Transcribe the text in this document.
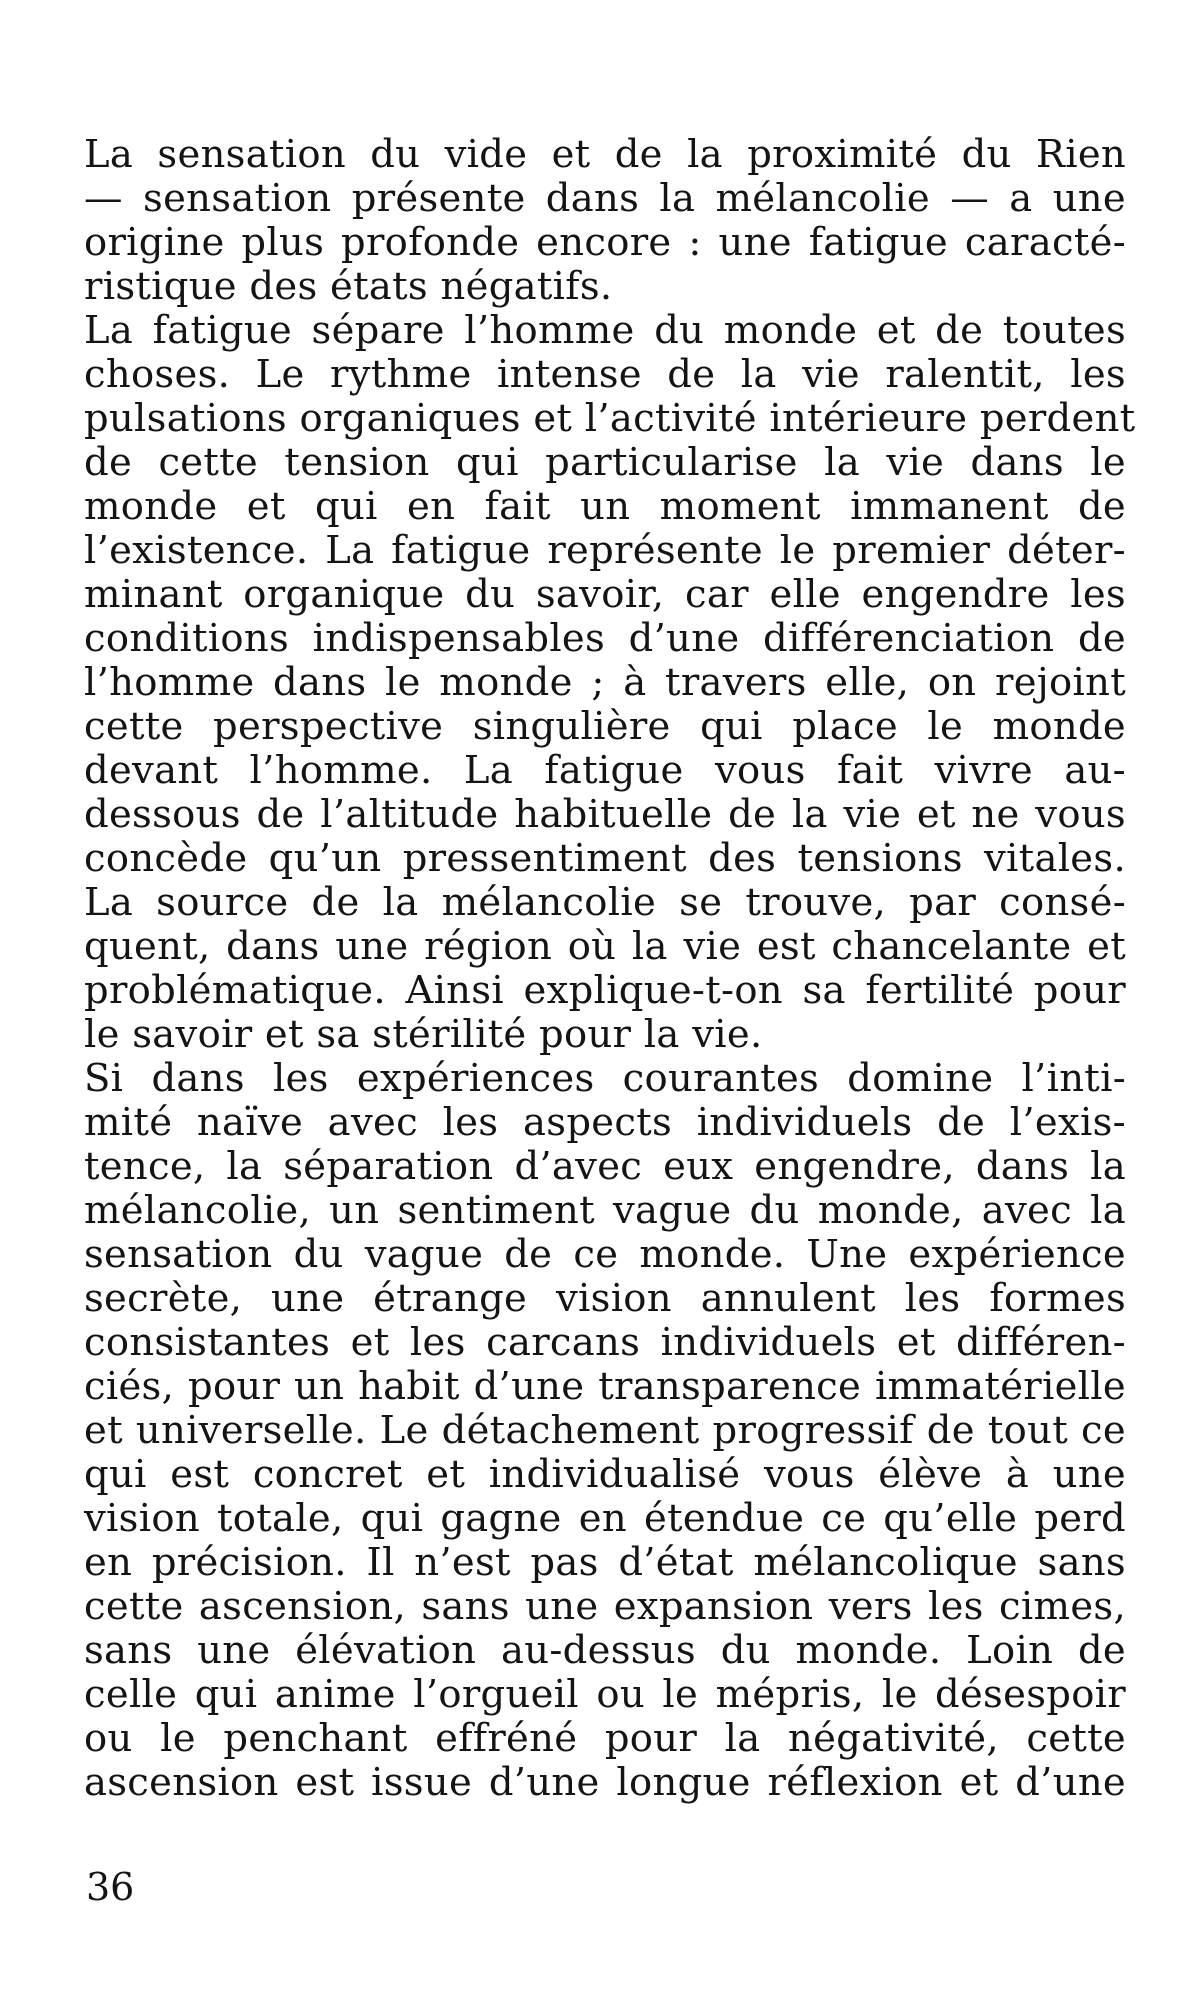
La sensation du vide et de la proximité du Rien
— sensation présente dans la mélancolie — a une
origine plus profonde encore : une fatigue caracté-
ristique des états négatifs.
La fatigue sépare l’homme du monde et de toutes
choses. Le rythme intense de la vie ralentit, les
pulsations organiques et l’activité intérieure perdent
de cette tension qui particularise la vie dans le
monde et qui en fait un moment immanent de
l’existence. La fatigue représente le premier déter-
minant organique du savoir, car elle engendre les
conditions indispensables d’une différenciation de
l’homme dans le monde ; à travers elle, on rejoint
cette perspective singulière qui place le monde
devant l’homme. La fatigue vous fait vivre au-
dessous de l’altitude habituelle de la vie et ne vous
concède qu’un pressentiment des tensions vitales.
La source de la mélancolie se trouve, par consé-
quent, dans une région où la vie est chancelante et
problématique. Ainsi explique-t-on sa fertilité pour
le savoir et sa stérilité pour la vie.
Si dans les expériences courantes domine l’inti-
mité naïve avec les aspects individuels de l’exis-
tence, la séparation d’avec eux engendre, dans la
mélancolie, un sentiment vague du monde, avec la
sensation du vague de ce monde. Une expérience
secrète, une étrange vision annulent les formes
consistantes et les carcans individuels et différen-
ciés, pour un habit d’une transparence immatérielle
et universelle. Le détachement progressif de tout ce
qui est concret et individualisé vous élève à une
vision totale, qui gagne en étendue ce qu’elle perd
en précision. Il n’est pas d’état mélancolique sans
cette ascension, sans une expansion vers les cimes,
sans une élévation au-dessus du monde. Loin de
celle qui anime l’orgueil ou le mépris, le désespoir
ou le penchant effréné pour la négativité, cette
ascension est issue d’une longue réflexion et d’une
36
